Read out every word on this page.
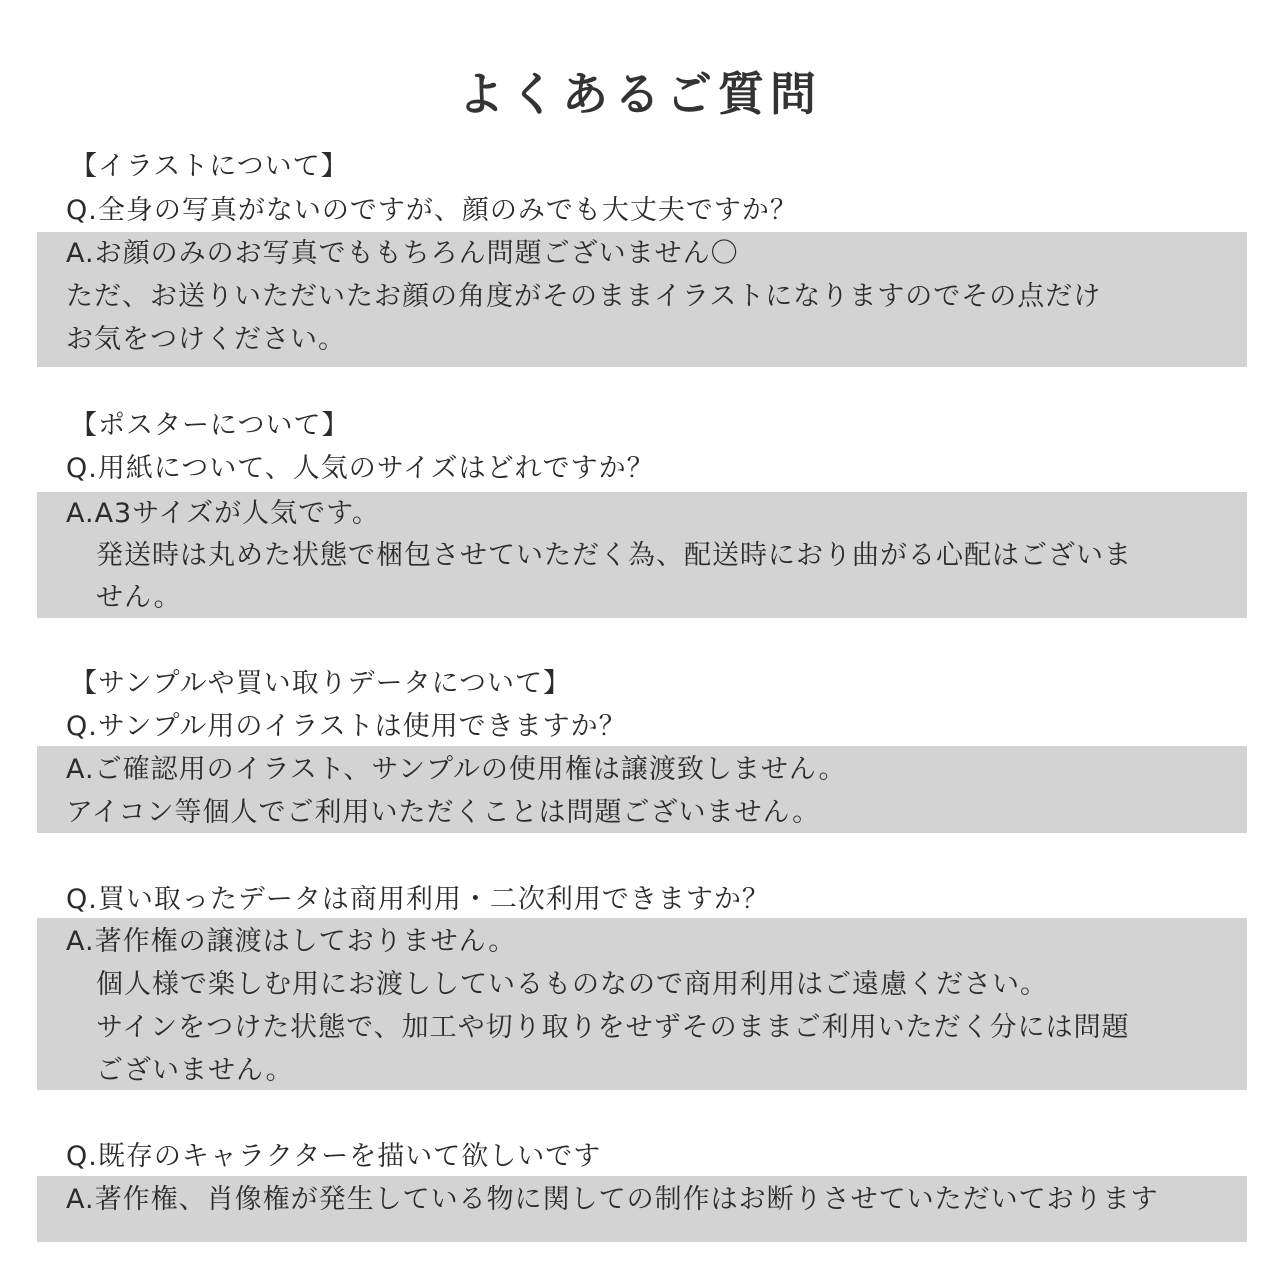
よくあるご質問
【イラストについて】
Q.全身の写真がないのですが、顔のみでも大丈夫ですか？
A.お顔のみのお写真でももちろん問題ございません〇
ただ、お送りいただいたお顔の角度がそのままイラストになりますのでその点だけ
お気をつけください。
【ポスターについて】
Q.用紙について、人気のサイズはどれですか？
A.A3サイズが人気です。
発送時は丸めた状態で梱包させていただく為、配送時におり曲がる心配はございま
せん。
【サンプルや買い取りデータについて】
Q.サンプル用のイラストは使用できますか？
A.ご確認用のイラスト、サンプルの使用権は譲渡致しません。
アイコン等個人でご利用いただくことは問題ございません。
Q.買い取ったデータは商用利用・二次利用できますか？
A.著作権の譲渡はしておりません。
個人様で楽しむ用にお渡ししているものなので商用利用はご遠慮ください。
サインをつけた状態で、加工や切り取りをせずそのままご利用いただく分には問題
ございません。
Q.既存のキャラクターを描いて欲しいです
A.著作権、肖像権が発生している物に関しての制作はお断りさせていただいております
